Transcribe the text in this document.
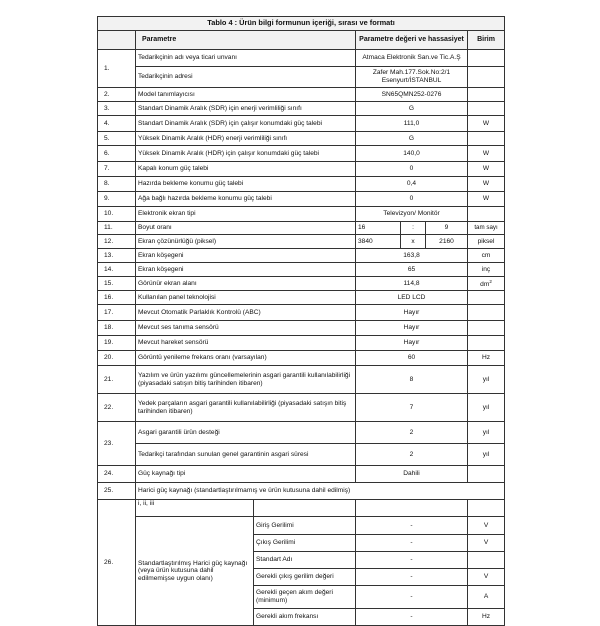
Tablo 4 : Ürün bilgi formunun içeriği, sırası ve formatı						
	Parametre		Parametre değeri ve hassasiyet			Birim
1.	Tedarikçinin adı veya ticari unvanı		Atmaca Elektronik San.ve Tic.A.Ş			
	Tedarikçinin adresi		Zafer Mah.177.Sok.No:2/1
Esenyurt/İSTANBUL			
2.	Model tanımlayıcısı		SN65QMN252-0276			
3.	Standart Dinamik Aralık (SDR) için enerji verimliliği sınıfı		G			
4.	Standart Dinamik Aralık (SDR) için çalışır konumdaki güç talebi		111,0			W
5.	Yüksek Dinamik Aralık (HDR) enerji verimliliği sınıfı		G			
6.	Yüksek Dinamik Aralık (HDR) için çalışır konumdaki güç talebi		140,0			W
7.	Kapalı konum güç talebi		0			W
8.	Hazırda bekleme konumu güç talebi		0,4			W
9.	Ağa bağlı hazırda bekleme konumu güç talebi		0			W
10.	Elektronik ekran tipi		Televizyon/ Monitör			
11.	Boyut oranı		16	:	9	tam sayı
12.	Ekran çözünürlüğü (piksel)		3840	x	2160	piksel
13.	Ekran köşegeni		163,8			cm
14.	Ekran köşegeni		65			inç
15.	Görünür ekran alanı		114,8			$dm^2$
16.	Kullanılan panel teknolojisi		LED LCD			
17.	Mevcut Otomatik Parlaklık Kontrolü (ABC)		Hayır			
18.	Mevcut ses tanıma sensörü		Hayır			
19.	Mevcut hareket sensörü		Hayır			
20.	Görüntü yenileme frekans oranı (varsayılan)		60			Hz
21.	Yazılım ve ürün yazılımı güncellemelerinin asgari garantili kullanılabilirliği (piyasadaki satışın bitiş tarihinden itibaren)		8			yıl
22.	Yedek parçaların asgari garantili kullanılabilirliği (piyasadaki satışın bitiş tarihinden itibaren)		7			yıl
23.	Asgari garantili ürün desteği		2			yıl
	Tedarikçi tarafından sunulan genel garantinin asgari süresi		2			yıl
24.	Güç kaynağı tipi		Dahili			
25.	Harici güç kaynağı (standartlaştırılmamış ve ürün kutusuna dahil edilmiş)					
26.	i, ii, iii					
	Standartlaştırılmış Harici güç kaynağı (veya ürün kutusuna dahil edilmemişse uygun olanı)	Giriş Gerilimi	-			V
		Çıkış Gerilimi	-			V
		Standart Adı	-			
		Gerekli çıkış gerilim değeri	-			V
		Gerekli geçen akım değeri (minimum)	-			A
		Gerekli akım frekansı	-			Hz
